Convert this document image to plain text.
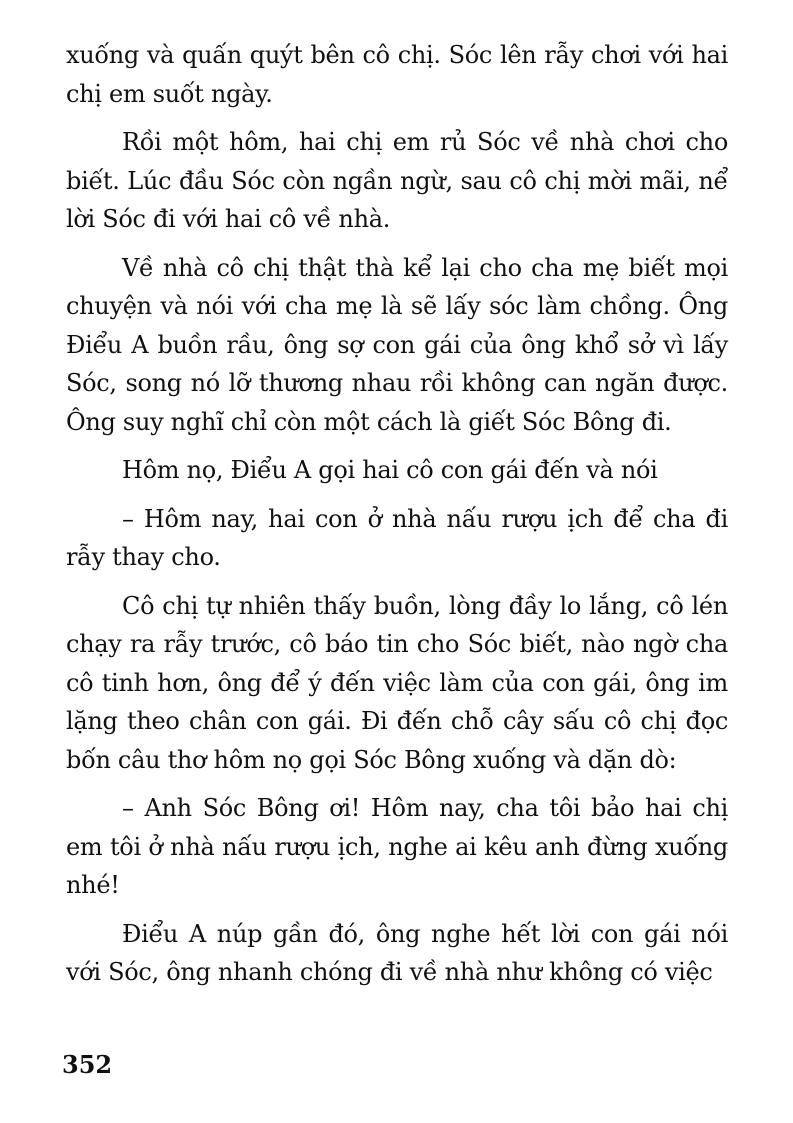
xuống và quấn quýt bên cô chị. Sóc lên rẫy chơi với hai chị em suốt ngày.

Rồi một hôm, hai chị em rủ Sóc về nhà chơi cho biết. Lúc đầu Sóc còn ngần ngừ, sau cô chị mời mãi, nể lời Sóc đi với hai cô về nhà.

Về nhà cô chị thật thà kể lại cho cha mẹ biết mọi chuyện và nói với cha mẹ là sẽ lấy sóc làm chồng. Ông Điểu A buồn rầu, ông sợ con gái của ông khổ sở vì lấy Sóc, song nó lỡ thương nhau rồi không can ngăn được. Ông suy nghĩ chỉ còn một cách là giết Sóc Bông đi.

Hôm nọ, Điểu A gọi hai cô con gái đến và nói

– Hôm nay, hai con ở nhà nấu rượu ịch để cha đi rẫy thay cho.

Cô chị tự nhiên thấy buồn, lòng đầy lo lắng, cô lén chạy ra rẫy trước, cô báo tin cho Sóc biết, nào ngờ cha cô tinh hơn, ông để ý đến việc làm của con gái, ông im lặng theo chân con gái. Đi đến chỗ cây sấu cô chị đọc bốn câu thơ hôm nọ gọi Sóc Bông xuống và dặn dò:

– Anh Sóc Bông ơi! Hôm nay, cha tôi bảo hai chị em tôi ở nhà nấu rượu ịch, nghe ai kêu anh đừng xuống nhé!

Điểu A núp gần đó, ông nghe hết lời con gái nói với Sóc, ông nhanh chóng đi về nhà như không có việc

352
